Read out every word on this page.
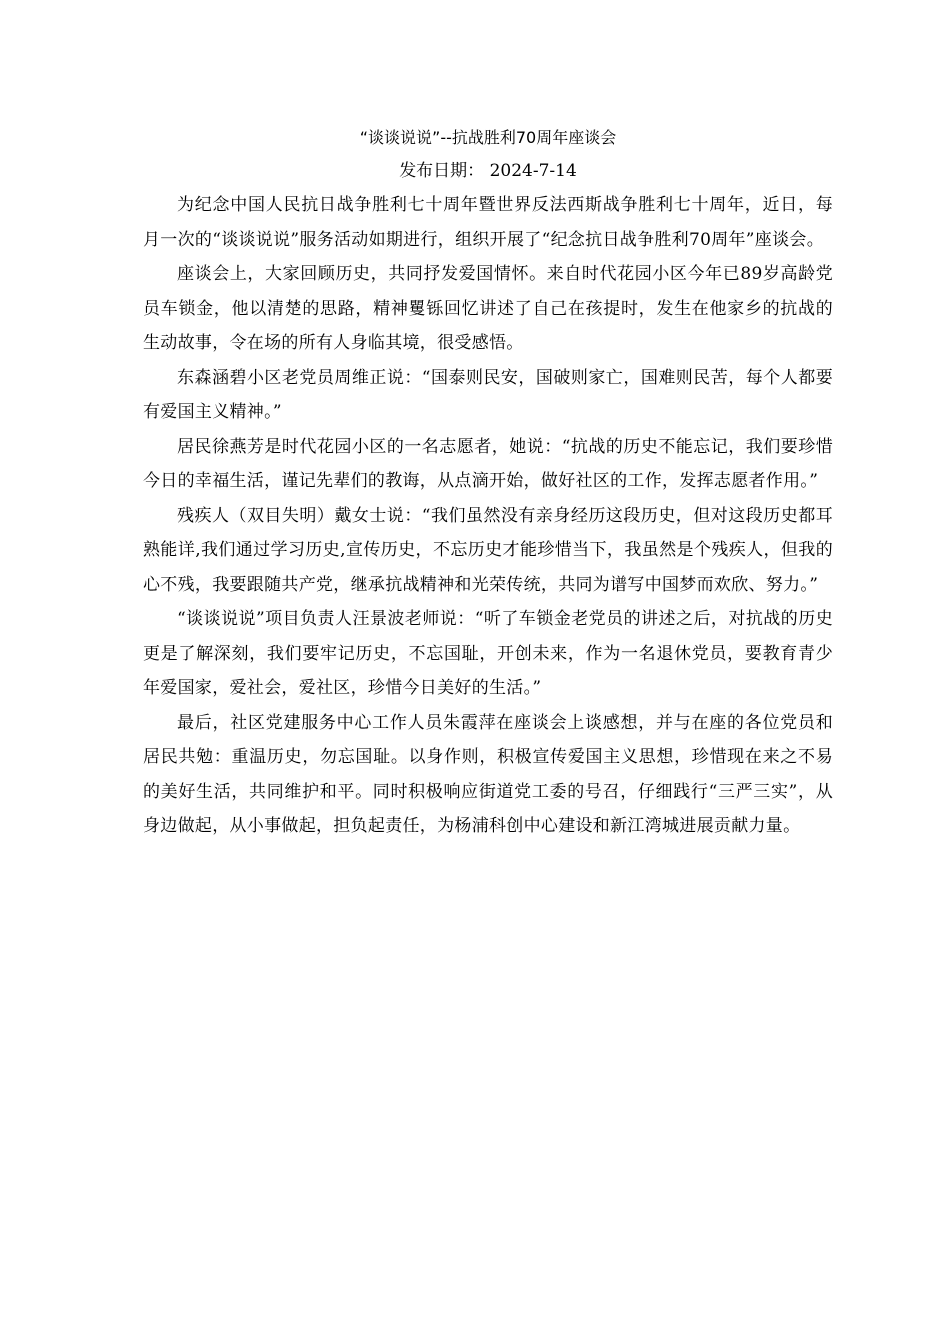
“谈谈说说”--抗战胜利70周年座谈会

发布日期： 2024-7-14

为纪念中国人民抗日战争胜利七十周年暨世界反法西斯战争胜利七十周年，近日，每月一次的“谈谈说说”服务活动如期进行，组织开展了“纪念抗日战争胜利70周年”座谈会。

座谈会上，大家回顾历史，共同抒发爱国情怀。来自时代花园小区今年已89岁高龄党员车锁金，他以清楚的思路，精神矍铄回忆讲述了自己在孩提时，发生在他家乡的抗战的生动故事，令在场的所有人身临其境，很受感悟。

东森涵碧小区老党员周维正说：“国泰则民安，国破则家亡，国难则民苦，每个人都要有爱国主义精神。”

居民徐燕芳是时代花园小区的一名志愿者，她说：“抗战的历史不能忘记，我们要珍惜今日的幸福生活，谨记先辈们的教诲，从点滴开始，做好社区的工作，发挥志愿者作用。”

残疾人（双目失明）戴女士说：“我们虽然没有亲身经历这段历史，但对这段历史都耳熟能详,我们通过学习历史,宣传历史，不忘历史才能珍惜当下，我虽然是个残疾人，但我的心不残，我要跟随共产党，继承抗战精神和光荣传统，共同为谱写中国梦而欢欣、努力。”

“谈谈说说”项目负责人汪景波老师说：“听了车锁金老党员的讲述之后，对抗战的历史更是了解深刻，我们要牢记历史，不忘国耻，开创未来，作为一名退休党员，要教育青少年爱国家，爱社会，爱社区，珍惜今日美好的生活。”

最后，社区党建服务中心工作人员朱霞萍在座谈会上谈感想，并与在座的各位党员和居民共勉：重温历史，勿忘国耻。以身作则，积极宣传爱国主义思想，珍惜现在来之不易的美好生活，共同维护和平。同时积极响应街道党工委的号召，仔细践行“三严三实”，从身边做起，从小事做起，担负起责任，为杨浦科创中心建设和新江湾城进展贡献力量。
